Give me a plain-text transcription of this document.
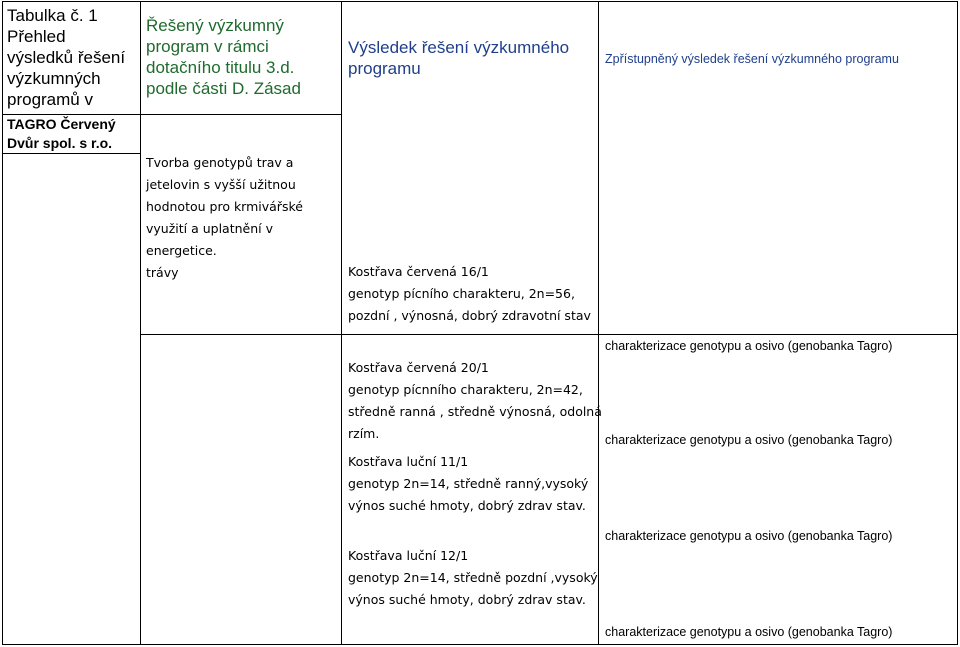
Tabulka č. 1
Přehled
výsledků řešení
výzkumných
programů v
TAGRO Červený
Dvůr spol. s r.o.
Řešený výzkumný
program v rámci
dotačního titulu 3.d.
podle části D. Zásad
Tvorba genotypů trav a
jetelovin s vyšší užitnou
hodnotou pro krmivářské
využití a uplatnění v
energetice.
trávy
Výsledek řešení výzkumného
programu
Kostřava červená 16/1
genotyp pícního charakteru, 2n=56,
pozdní , výnosná, dobrý zdravotní stav
Kostřava červená 20/1
genotyp pícnního charakteru, 2n=42,
středně ranná , středně výnosná, odolná
rzím.
Kostřava luční 11/1
genotyp 2n=14, středně ranný,vysoký
výnos suché hmoty, dobrý zdrav stav.
Kostřava luční 12/1
genotyp 2n=14, středně pozdní ,vysoký
výnos suché hmoty, dobrý zdrav stav.
Zpřístupněný výsledek řešení výzkumného programu
charakterizace genotypu a osivo (genobanka Tagro)
charakterizace genotypu a osivo (genobanka Tagro)
charakterizace genotypu a osivo (genobanka Tagro)
charakterizace genotypu a osivo (genobanka Tagro)
